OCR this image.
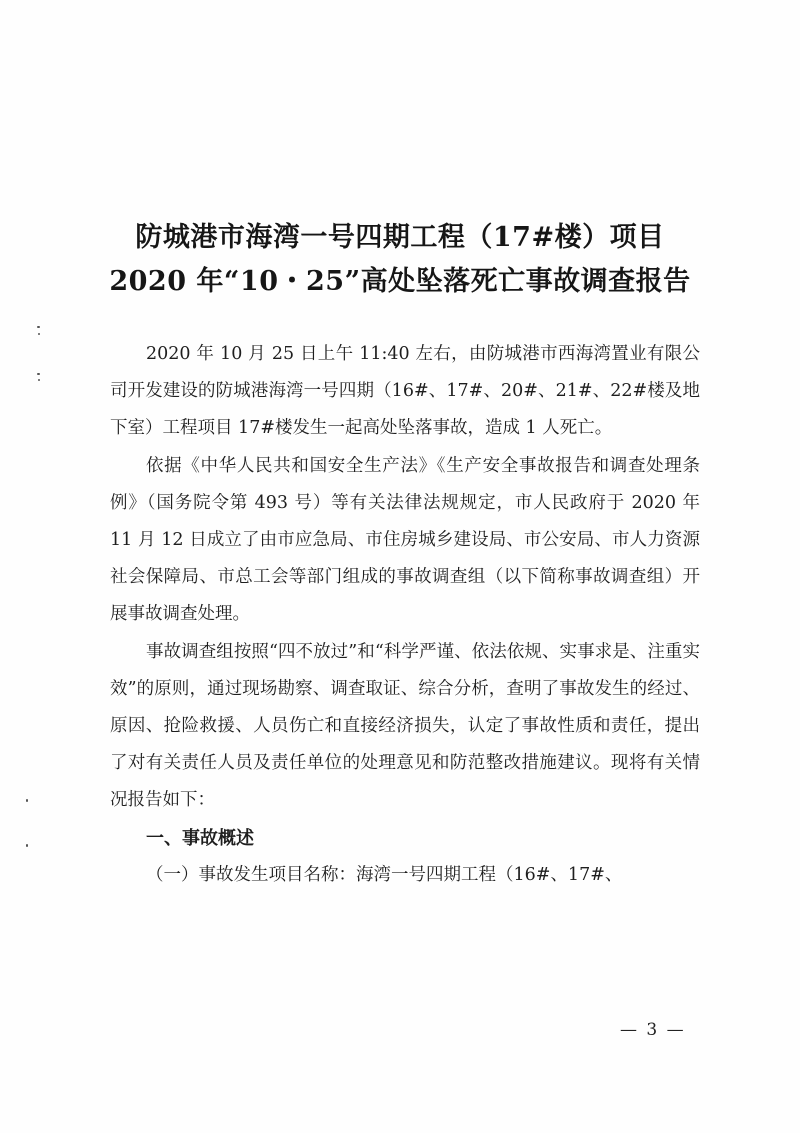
防城港市海湾一号四期工程（17#楼）项目
2020 年“10・25”高处坠落死亡事故调查报告

2020 年 10 月 25 日上午 11:40 左右，由防城港市西海湾置业有限公司开发建设的防城港海湾一号四期（16#、17#、20#、21#、22#楼及地下室）工程项目 17#楼发生一起高处坠落事故，造成 1 人死亡。

依据《中华人民共和国安全生产法》《生产安全事故报告和调查处理条例》（国务院令第 493 号）等有关法律法规规定，市人民政府于 2020 年 11 月 12 日成立了由市应急局、市住房城乡建设局、市公安局、市人力资源社会保障局、市总工会等部门组成的事故调查组（以下简称事故调查组）开展事故调查处理。

事故调查组按照“四不放过”和“科学严谨、依法依规、实事求是、注重实效”的原则，通过现场勘察、调查取证、综合分析，查明了事故发生的经过、原因、抢险救援、人员伤亡和直接经济损失，认定了事故性质和责任，提出了对有关责任人员及责任单位的处理意见和防范整改措施建议。现将有关情况报告如下：

一、事故概述

（一）事故发生项目名称：海湾一号四期工程（16#、17#、

— 3 —
